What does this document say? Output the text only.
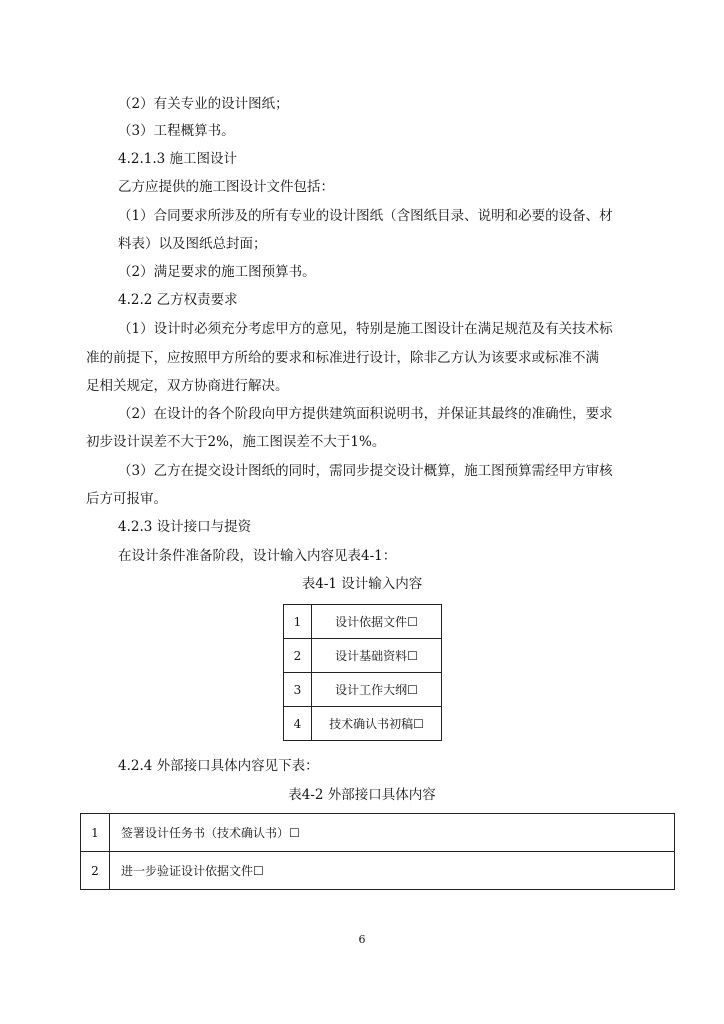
（2）有关专业的设计图纸；
（3）工程概算书。
4.2.1.3 施工图设计
乙方应提供的施工图设计文件包括：
（1）合同要求所涉及的所有专业的设计图纸（含图纸目录、说明和必要的设备、材
料表）以及图纸总封面；
（2）满足要求的施工图预算书。
4.2.2 乙方权责要求
（1）设计时必须充分考虑甲方的意见，特别是施工图设计在满足规范及有关技术标
准的前提下，应按照甲方所给的要求和标准进行设计，除非乙方认为该要求或标准不满
足相关规定，双方协商进行解决。
（2）在设计的各个阶段向甲方提供建筑面积说明书，并保证其最终的准确性，要求
初步设计误差不大于2%，施工图误差不大于1%。
（3）乙方在提交设计图纸的同时，需同步提交设计概算，施工图预算需经甲方审核
后方可报审。
4.2.3 设计接口与提资
在设计条件准备阶段，设计输入内容见表4-1：
表4-1 设计输入内容
1	设计依据文件☐
2	设计基础资料☐
3	设计工作大纲☐
4	技术确认书初稿☐
4.2.4 外部接口具体内容见下表：
表4-2 外部接口具体内容
1	签署设计任务书（技术确认书）☐
2	进一步验证设计依据文件☐
6
